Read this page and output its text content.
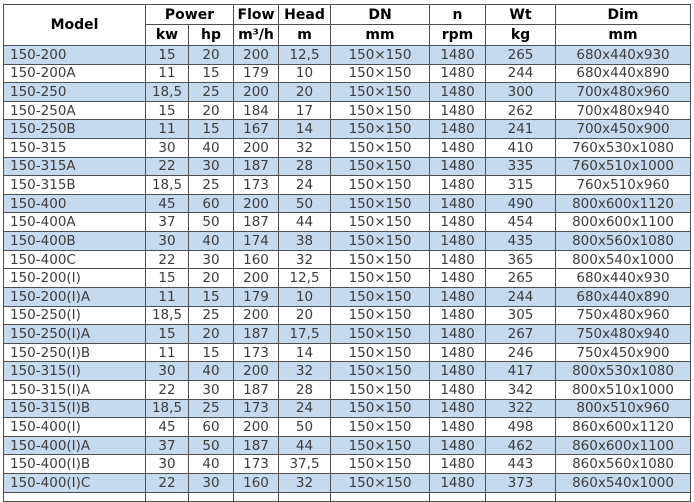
Model	Power		Flow	Head	DN	n	Wt	Dim
	kw	hp	m³/h	m	mm	rpm	kg	mm
150-200	15	20	200	12,5	150×150	1480	265	680x440x930
150-200A	11	15	179	10	150×150	1480	244	680x440x890
150-250	18,5	25	200	20	150×150	1480	300	700x480x960
150-250A	15	20	184	17	150×150	1480	262	700x480x940
150-250B	11	15	167	14	150×150	1480	241	700x450x900
150-315	30	40	200	32	150×150	1480	410	760x530x1080
150-315A	22	30	187	28	150×150	1480	335	760x510x1000
150-315B	18,5	25	173	24	150×150	1480	315	760x510x960
150-400	45	60	200	50	150×150	1480	490	800x600x1120
150-400A	37	50	187	44	150×150	1480	454	800x600x1100
150-400B	30	40	174	38	150×150	1480	435	800x560x1080
150-400C	22	30	160	32	150×150	1480	365	800x540x1000
150-200(I)	15	20	200	12,5	150×150	1480	265	680x440x930
150-200(I)A	11	15	179	10	150×150	1480	244	680x440x890
150-250(I)	18,5	25	200	20	150×150	1480	305	750x480x960
150-250(I)A	15	20	187	17,5	150×150	1480	267	750x480x940
150-250(I)B	11	15	173	14	150×150	1480	246	750x450x900
150-315(I)	30	40	200	32	150×150	1480	417	800x530x1080
150-315(I)A	22	30	187	28	150×150	1480	342	800x510x1000
150-315(I)B	18,5	25	173	24	150×150	1480	322	800x510x960
150-400(I)	45	60	200	50	150×150	1480	498	860x600x1120
150-400(I)A	37	50	187	44	150×150	1480	462	860x600x1100
150-400(I)B	30	40	173	37,5	150×150	1480	443	860x560x1080
150-400(I)C	22	30	160	32	150×150	1480	373	860x540x1000
